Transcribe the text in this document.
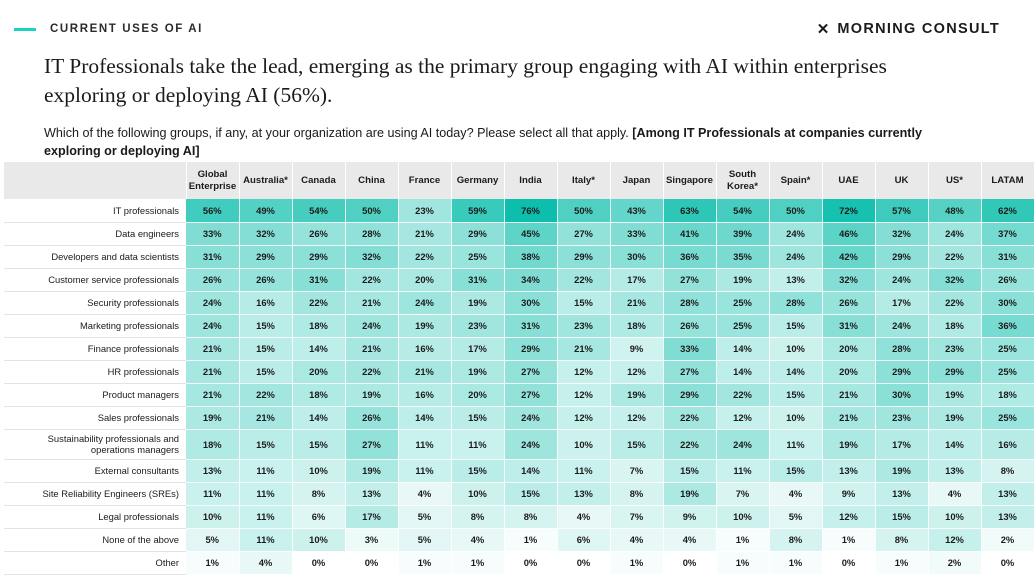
CURRENT USES OF AI	✕ MORNING CONSULT
IT Professionals take the lead, emerging as the primary group engaging with AI within enterprises exploring or deploying AI (56%).
Which of the following groups, if any, at your organization are using AI today? Please select all that apply. [Among IT Professionals at companies currently exploring or deploying AI]
	Global Enterprise	Australia*	Canada	China	France	Germany	India	Italy*	Japan	Singapore	South Korea*	Spain*	UAE	UK	US*	LATAM
IT professionals	56%	49%	54%	50%	23%	59%	76%	50%	43%	63%	54%	50%	72%	57%	48%	62%
Data engineers	33%	32%	26%	28%	21%	29%	45%	27%	33%	41%	39%	24%	46%	32%	24%	37%
Developers and data scientists	31%	29%	29%	32%	22%	25%	38%	29%	30%	36%	35%	24%	42%	29%	22%	31%
Customer service professionals	26%	26%	31%	22%	20%	31%	34%	22%	17%	27%	19%	13%	32%	24%	32%	26%
Security professionals	24%	16%	22%	21%	24%	19%	30%	15%	21%	28%	25%	28%	26%	17%	22%	30%
Marketing professionals	24%	15%	18%	24%	19%	23%	31%	23%	18%	26%	25%	15%	31%	24%	18%	36%
Finance professionals	21%	15%	14%	21%	16%	17%	29%	21%	9%	33%	14%	10%	20%	28%	23%	25%
HR professionals	21%	15%	20%	22%	21%	19%	27%	12%	12%	27%	14%	14%	20%	29%	29%	25%
Product managers	21%	22%	18%	19%	16%	20%	27%	12%	19%	29%	22%	15%	21%	30%	19%	18%
Sales professionals	19%	21%	14%	26%	14%	15%	24%	12%	12%	22%	12%	10%	21%	23%	19%	25%
Sustainability professionals and operations managers	18%	15%	15%	27%	11%	11%	24%	10%	15%	22%	24%	11%	19%	17%	14%	16%
External consultants	13%	11%	10%	19%	11%	15%	14%	11%	7%	15%	11%	15%	13%	19%	13%	8%
Site Reliability Engineers (SREs)	11%	11%	8%	13%	4%	10%	15%	13%	8%	19%	7%	4%	9%	13%	4%	13%
Legal professionals	10%	11%	6%	17%	5%	8%	8%	4%	7%	9%	10%	5%	12%	15%	10%	13%
None of the above	5%	11%	10%	3%	5%	4%	1%	6%	4%	4%	1%	8%	1%	8%	12%	2%
Other	1%	4%	0%	0%	1%	1%	0%	0%	1%	0%	1%	1%	0%	1%	2%	0%
